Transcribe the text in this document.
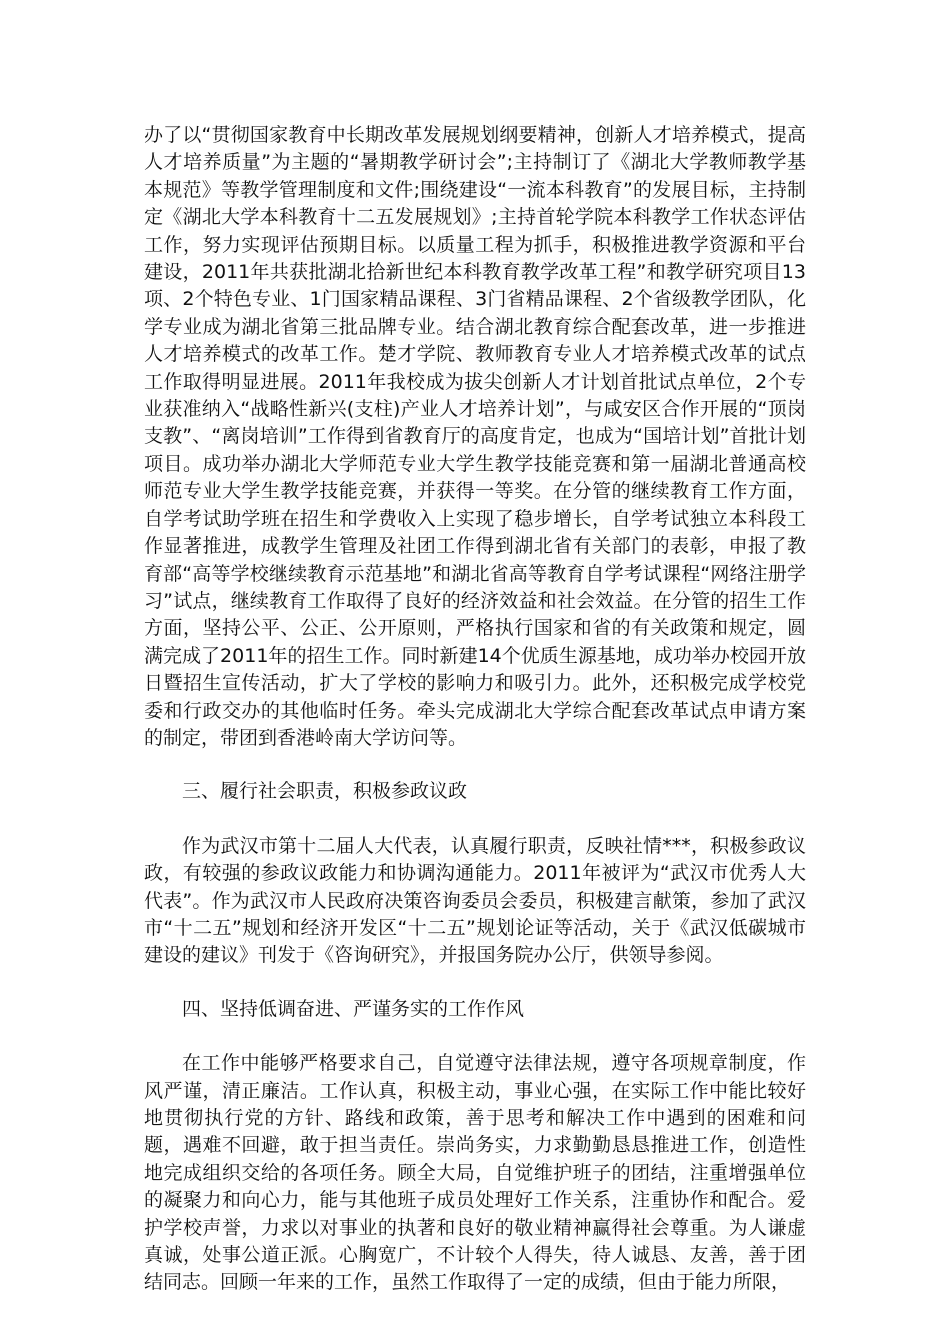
办了以“贯彻国家教育中长期改革发展规划纲要精神，创新人才培养模式，提高人才培养质量”为主题的“暑期教学研讨会”;主持制订了《湖北大学教师教学基本规范》等教学管理制度和文件;围绕建设“一流本科教育”的发展目标，主持制定《湖北大学本科教育十二五发展规划》;主持首轮学院本科教学工作状态评估工作，努力实现评估预期目标。以质量工程为抓手，积极推进教学资源和平台建设，2011年共获批湖北拾新世纪本科教育教学改革工程”和教学研究项目13项、2个特色专业、1门国家精品课程、3门省精品课程、2个省级教学团队，化学专业成为湖北省第三批品牌专业。结合湖北教育综合配套改革，进一步推进人才培养模式的改革工作。楚才学院、教师教育专业人才培养模式改革的试点工作取得明显进展。2011年我校成为拔尖创新人才计划首批试点单位，2个专业获准纳入“战略性新兴(支柱)产业人才培养计划”，与咸安区合作开展的“顶岗支教”、“离岗培训”工作得到省教育厅的高度肯定，也成为“国培计划”首批计划项目。成功举办湖北大学师范专业大学生教学技能竞赛和第一届湖北普通高校师范专业大学生教学技能竞赛，并获得一等奖。在分管的继续教育工作方面，自学考试助学班在招生和学费收入上实现了稳步增长，自学考试独立本科段工作显著推进，成教学生管理及社团工作得到湖北省有关部门的表彰，申报了教育部“高等学校继续教育示范基地”和湖北省高等教育自学考试课程“网络注册学习”试点，继续教育工作取得了良好的经济效益和社会效益。在分管的招生工作方面，坚持公平、公正、公开原则，严格执行国家和省的有关政策和规定，圆满完成了2011年的招生工作。同时新建14个优质生源基地，成功举办校园开放日暨招生宣传活动，扩大了学校的影响力和吸引力。此外，还积极完成学校党委和行政交办的其他临时任务。牵头完成湖北大学综合配套改革试点申请方案的制定，带团到香港岭南大学访问等。

三、履行社会职责，积极参政议政

作为武汉市第十二届人大代表，认真履行职责，反映社情***，积极参政议政，有较强的参政议政能力和协调沟通能力。2011年被评为“武汉市优秀人大代表”。作为武汉市人民政府决策咨询委员会委员，积极建言献策，参加了武汉市“十二五”规划和经济开发区“十二五”规划论证等活动，关于《武汉低碳城市建设的建议》刊发于《咨询研究》，并报国务院办公厅，供领导参阅。

四、坚持低调奋进、严谨务实的工作作风

在工作中能够严格要求自己，自觉遵守法律法规，遵守各项规章制度，作风严谨，清正廉洁。工作认真，积极主动，事业心强，在实际工作中能比较好地贯彻执行党的方针、路线和政策，善于思考和解决工作中遇到的困难和问题，遇难不回避，敢于担当责任。崇尚务实，力求勤勤恳恳推进工作，创造性地完成组织交给的各项任务。顾全大局，自觉维护班子的团结，注重增强单位的凝聚力和向心力，能与其他班子成员处理好工作关系，注重协作和配合。爱护学校声誉，力求以对事业的执著和良好的敬业精神赢得社会尊重。为人谦虚真诚，处事公道正派。心胸宽广，不计较个人得失，待人诚恳、友善，善于团结同志。回顾一年来的工作，虽然工作取得了一定的成绩，但由于能力所限，
